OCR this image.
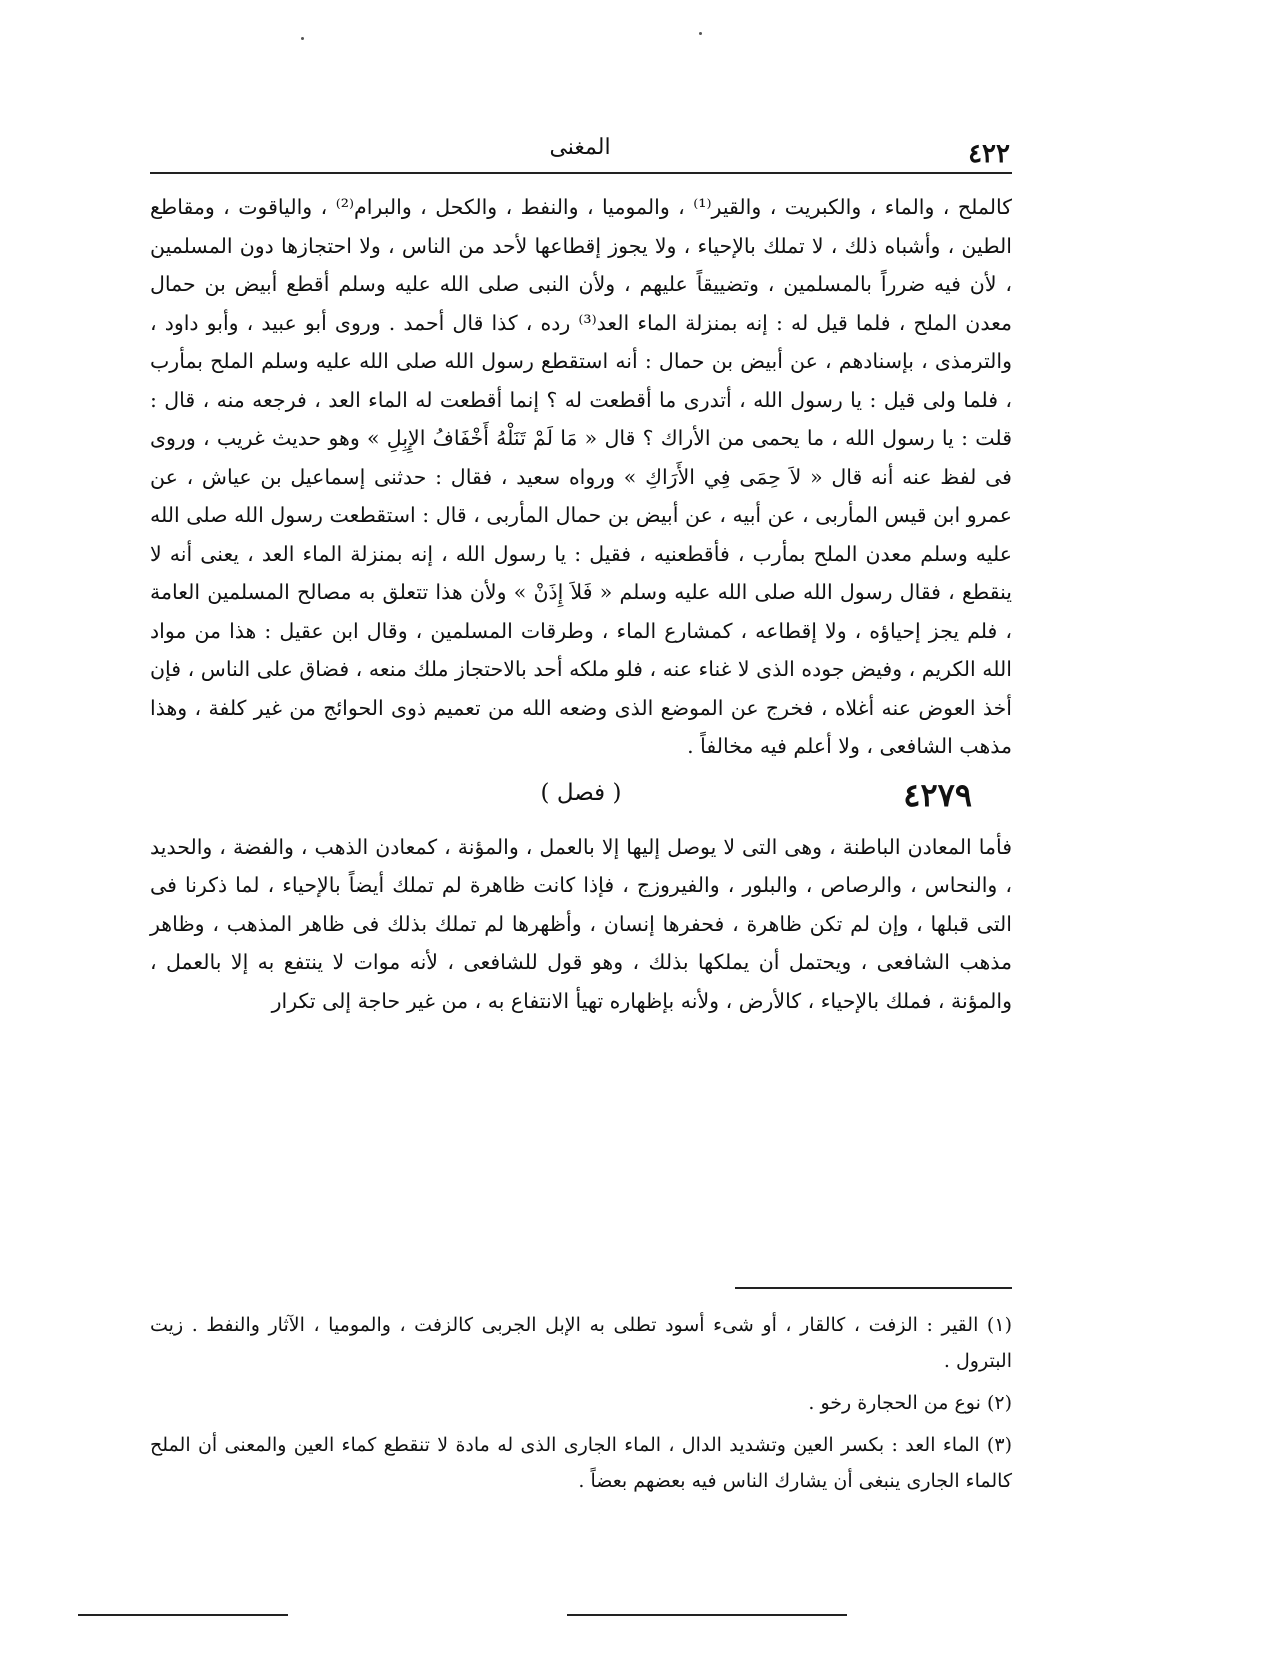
٤٢٢
المغنى

كالملح ، والماء ، والكبريت ، والقير⁽¹⁾ ، والموميا ، والنفط ، والكحل ، والبرام⁽²⁾ ، والياقوت ، ومقاطع الطين ، وأشباه ذلك ، لا تملك بالإحياء ، ولا يجوز إقطاعها لأحد من الناس ، ولا احتجازها دون المسلمين ، لأن فيه ضرراً بالمسلمين ، وتضييقاً عليهم ، ولأن النبى صلى الله عليه وسلم أقطع أبيض بن حمال معدن الملح ، فلما قيل له : إنه بمنزلة الماء العد⁽³⁾ رده ، كذا قال أحمد . وروى أبو عبيد ، وأبو داود ، والترمذى ، بإسنادهم ، عن أبيض بن حمال : أنه استقطع رسول الله صلى الله عليه وسلم الملح بمأرب ، فلما ولى قيل : يا رسول الله ، أتدرى ما أقطعت له ؟ إنما أقطعت له الماء العد ، فرجعه منه ، قال : قلت : يا رسول الله ، ما يحمى من الأراك ؟ قال « مَا لَمْ تَنَلْهُ أَخْفَافُ الإِبِلِ » وهو حديث غريب ، وروى فى لفظ عنه أنه قال « لاَ حِمَى فِي الأَرَاكِ » ورواه سعيد ، فقال : حدثنى إسماعيل بن عياش ، عن عمرو ابن قيس المأربى ، عن أبيه ، عن أبيض بن حمال المأربى ، قال : استقطعت رسول الله صلى الله عليه وسلم معدن الملح بمأرب ، فأقطعنيه ، فقيل : يا رسول الله ، إنه بمنزلة الماء العد ، يعنى أنه لا ينقطع ، فقال رسول الله صلى الله عليه وسلم « فَلاَ إِذَنْ » ولأن هذا تتعلق به مصالح المسلمين العامة ، فلم يجز إحياؤه ، ولا إقطاعه ، كمشارع الماء ، وطرقات المسلمين ، وقال ابن عقيل : هذا من مواد الله الكريم ، وفيض جوده الذى لا غناء عنه ، فلو ملكه أحد بالاحتجاز ملك منعه ، فضاق على الناس ، فإن أخذ العوض عنه أغلاه ، فخرج عن الموضع الذى وضعه الله من تعميم ذوى الحوائج من غير كلفة ، وهذا مذهب الشافعى ، ولا أعلم فيه مخالفاً .

٤٢٧٩
( فصل )

فأما المعادن الباطنة ، وهى التى لا يوصل إليها إلا بالعمل ، والمؤنة ، كمعادن الذهب ، والفضة ، والحديد ، والنحاس ، والرصاص ، والبلور ، والفيروزج ، فإذا كانت ظاهرة لم تملك أيضاً بالإحياء ، لما ذكرنا فى التى قبلها ، وإن لم تكن ظاهرة ، فحفرها إنسان ، وأظهرها لم تملك بذلك فى ظاهر المذهب ، وظاهر مذهب الشافعى ، ويحتمل أن يملكها بذلك ، وهو قول للشافعى ، لأنه موات لا ينتفع به إلا بالعمل ، والمؤنة ، فملك بالإحياء ، كالأرض ، ولأنه بإظهاره تهيأ الانتفاع به ، من غير حاجة إلى تكرار

(١) القير : الزفت ، كالقار ، أو شىء أسود تطلى به الإبل الجربى كالزفت ، والموميا ، الآثار والنفط . زيت البترول .

(٢) نوع من الحجارة رخو .

(٣) الماء العد : بكسر العين وتشديد الدال ، الماء الجارى الذى له مادة لا تنقطع كماء العين والمعنى أن الملح كالماء الجارى ينبغى أن يشارك الناس فيه بعضهم بعضاً .
